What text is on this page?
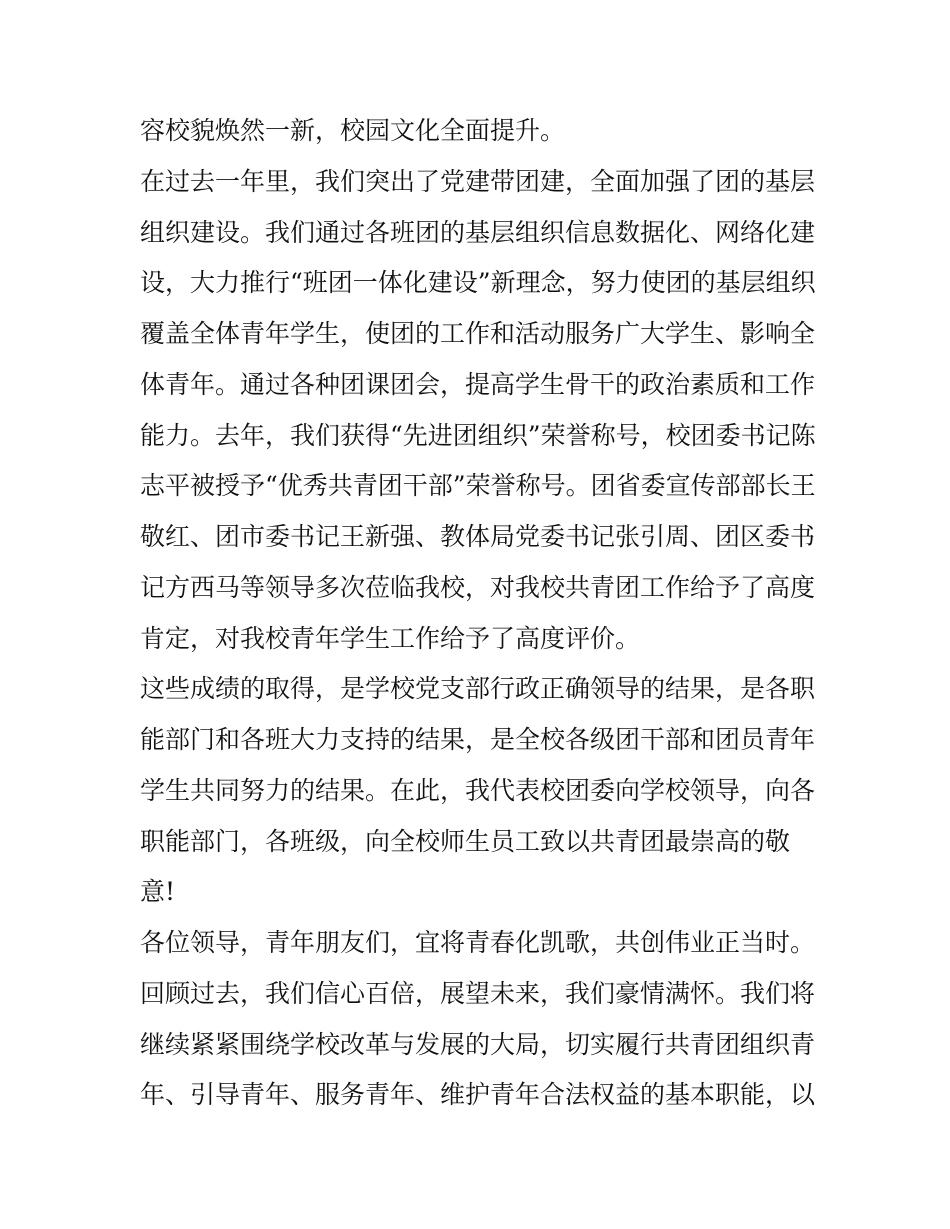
容校貌焕然一新，校园文化全面提升。
在过去一年里，我们突出了党建带团建，全面加强了团的基层
组织建设。我们通过各班团的基层组织信息数据化、网络化建
设，大力推行“班团一体化建设”新理念，努力使团的基层组织
覆盖全体青年学生，使团的工作和活动服务广大学生、影响全
体青年。通过各种团课团会，提高学生骨干的政治素质和工作
能力。去年，我们获得“先进团组织”荣誉称号，校团委书记陈
志平被授予“优秀共青团干部”荣誉称号。团省委宣传部部长王
敬红、团市委书记王新强、教体局党委书记张引周、团区委书
记方西马等领导多次莅临我校，对我校共青团工作给予了高度
肯定，对我校青年学生工作给予了高度评价。
这些成绩的取得，是学校党支部行政正确领导的结果，是各职
能部门和各班大力支持的结果，是全校各级团干部和团员青年
学生共同努力的结果。在此，我代表校团委向学校领导，向各
职能部门，各班级，向全校师生员工致以共青团最崇高的敬
意!
各位领导，青年朋友们，宜将青春化凯歌，共创伟业正当时。
回顾过去，我们信心百倍，展望未来，我们豪情满怀。我们将
继续紧紧围绕学校改革与发展的大局，切实履行共青团组织青
年、引导青年、服务青年、维护青年合法权益的基本职能，以
